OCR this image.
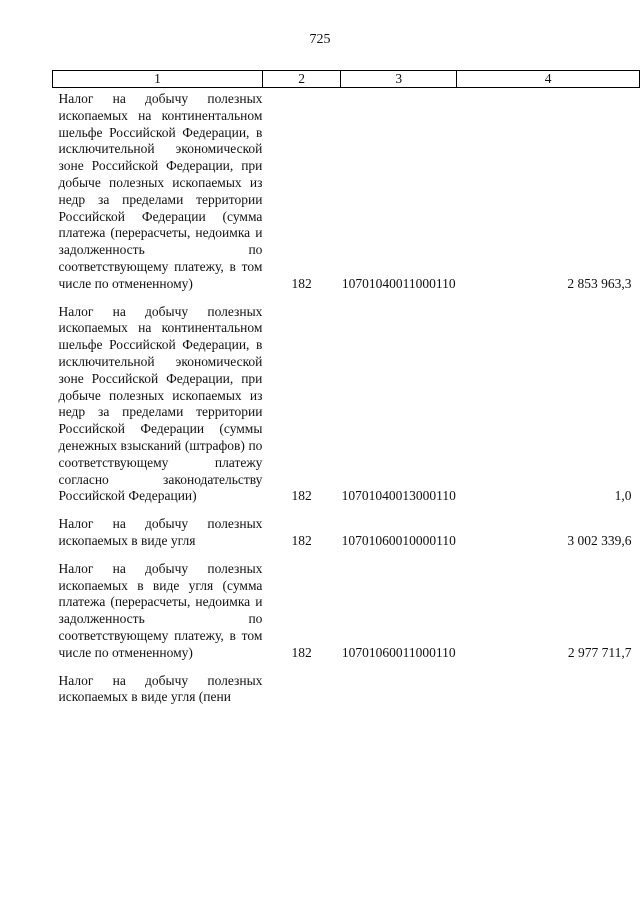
725
1	2	3	4
Налог на добычу полезных ископаемых на континентальном шельфе Российской Федерации, в исключительной экономической зоне Российской Федерации, при добыче полезных ископаемых из недр за пределами территории Российской Федерации (сумма платежа (перерасчеты, недоимка и задолженность по соответствующему платежу, в том числе по отмененному)	182	10701040011000110	2 853 963,3
Налог на добычу полезных ископаемых на континентальном шельфе Российской Федерации, в исключительной экономической зоне Российской Федерации, при добыче полезных ископаемых из недр за пределами территории Российской Федерации (суммы денежных взысканий (штрафов) по соответствующему платежу согласно законодательству Российской Федерации)	182	10701040013000110	1,0
Налог на добычу полезных ископаемых в виде угля	182	10701060010000110	3 002 339,6
Налог на добычу полезных ископаемых в виде угля (сумма платежа (перерасчеты, недоимка и задолженность по соответствующему платежу, в том числе по отмененному)	182	10701060011000110	2 977 711,7
Налог на добычу полезных ископаемых в виде угля (пени			
